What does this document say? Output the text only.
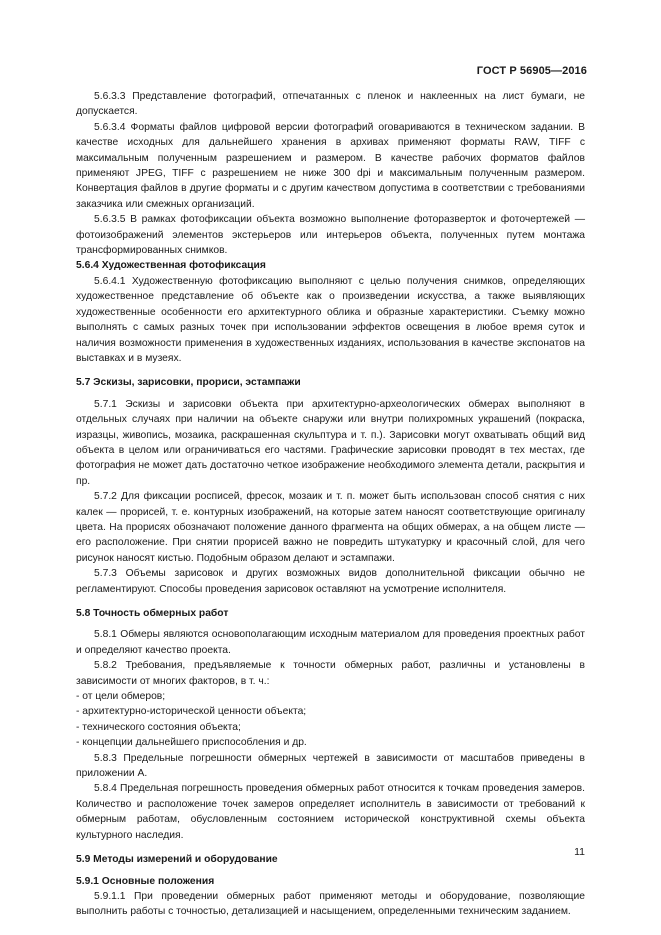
ГОСТ Р 56905—2016

5.6.3.3 Представление фотографий, отпечатанных с пленок и наклеенных на лист бумаги, не допускается.

5.6.3.4 Форматы файлов цифровой версии фотографий оговариваются в техническом задании. В качестве исходных для дальнейшего хранения в архивах применяют форматы RAW, TIFF с максимальным полученным разрешением и размером. В качестве рабочих форматов файлов применяют JPEG, TIFF с разрешением не ниже 300 dpi и максимальным полученным размером. Конвертация файлов в другие форматы и с другим качеством допустима в соответствии с требованиями заказчика или смежных организаций.

5.6.3.5 В рамках фотофиксации объекта возможно выполнение фоторазверток и фоточертежей — фотоизображений элементов экстерьеров или интерьеров объекта, полученных путем монтажа трансформированных снимков.

5.6.4 Художественная фотофиксация

5.6.4.1 Художественную фотофиксацию выполняют с целью получения снимков, определяющих художественное представление об объекте как о произведении искусства, а также выявляющих художественные особенности его архитектурного облика и образные характеристики. Съемку можно выполнять с самых разных точек при использовании эффектов освещения в любое время суток и наличия возможности применения в художественных изданиях, использования в качестве экспонатов на выставках и в музеях.

5.7 Эскизы, зарисовки, прориси, эстампажи

5.7.1 Эскизы и зарисовки объекта при архитектурно-археологических обмерах выполняют в отдельных случаях при наличии на объекте снаружи или внутри полихромных украшений (покраска, изразцы, живопись, мозаика, раскрашенная скульптура и т. п.). Зарисовки могут охватывать общий вид объекта в целом или ограничиваться его частями. Графические зарисовки проводят в тех местах, где фотография не может дать достаточно четкое изображение необходимого элемента детали, раскрытия и пр.

5.7.2 Для фиксации росписей, фресок, мозаик и т. п. может быть использован способ снятия с них калек — прорисей, т. е. контурных изображений, на которые затем наносят соответствующие оригиналу цвета. На прорисях обозначают положение данного фрагмента на общих обмерах, а на общем листе — его расположение. При снятии прорисей важно не повредить штукатурку и красочный слой, для чего рисунок наносят кистью. Подобным образом делают и эстампажи.

5.7.3 Объемы зарисовок и других возможных видов дополнительной фиксации обычно не регламентируют. Способы проведения зарисовок оставляют на усмотрение исполнителя.

5.8 Точность обмерных работ

5.8.1 Обмеры являются основополагающим исходным материалом для проведения проектных работ и определяют качество проекта.

5.8.2 Требования, предъявляемые к точности обмерных работ, различны и установлены в зависимости от многих факторов, в т. ч.:

- от цели обмеров;

- архитектурно-исторической ценности объекта;

- технического состояния объекта;

- концепции дальнейшего приспособления и др.

5.8.3 Предельные погрешности обмерных чертежей в зависимости от масштабов приведены в приложении А.

5.8.4 Предельная погрешность проведения обмерных работ относится к точкам проведения замеров. Количество и расположение точек замеров определяет исполнитель в зависимости от требований к обмерным работам, обусловленным состоянием исторической конструктивной схемы объекта культурного наследия.

5.9 Методы измерений и оборудование
5.9.1 Основные положения

5.9.1.1 При проведении обмерных работ применяют методы и оборудование, позволяющие выполнить работы с точностью, детализацией и насыщением, определенными техническим заданием.

11
